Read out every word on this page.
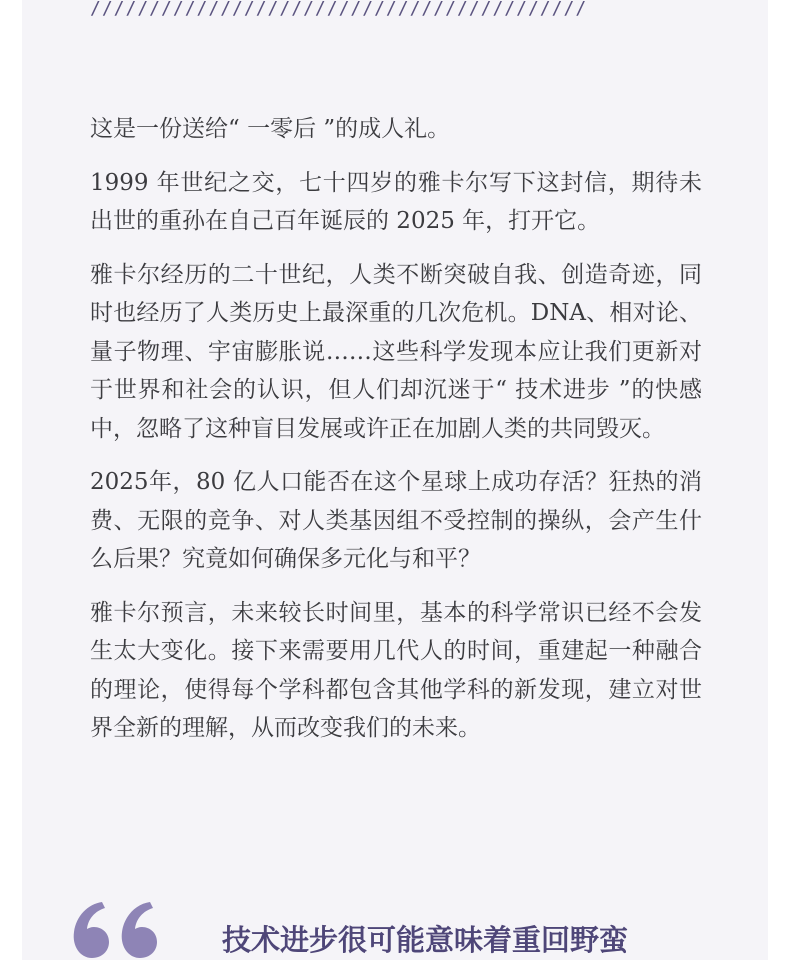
//////////////////////////////////////////

这是一份送给“ 一零后 ”的成人礼。

1999 年世纪之交，七十四岁的雅卡尔写下这封信，期待未出世的重孙在自己百年诞辰的 2025 年，打开它。

雅卡尔经历的二十世纪，人类不断突破自我、创造奇迹，同时也经历了人类历史上最深重的几次危机。DNA、相对论、量子物理、宇宙膨胀说……这些科学发现本应让我们更新对于世界和社会的认识，但人们却沉迷于“ 技术进步 ”的快感中，忽略了这种盲目发展或许正在加剧人类的共同毁灭。

2025年，80 亿人口能否在这个星球上成功存活？狂热的消费、无限的竞争、对人类基因组不受控制的操纵，会产生什么后果？究竟如何确保多元化与和平？

雅卡尔预言，未来较长时间里，基本的科学常识已经不会发生太大变化。接下来需要用几代人的时间，重建起一种融合的理论，使得每个学科都包含其他学科的新发现，建立对世界全新的理解，从而改变我们的未来。

技术进步很可能意味着重回野蛮
